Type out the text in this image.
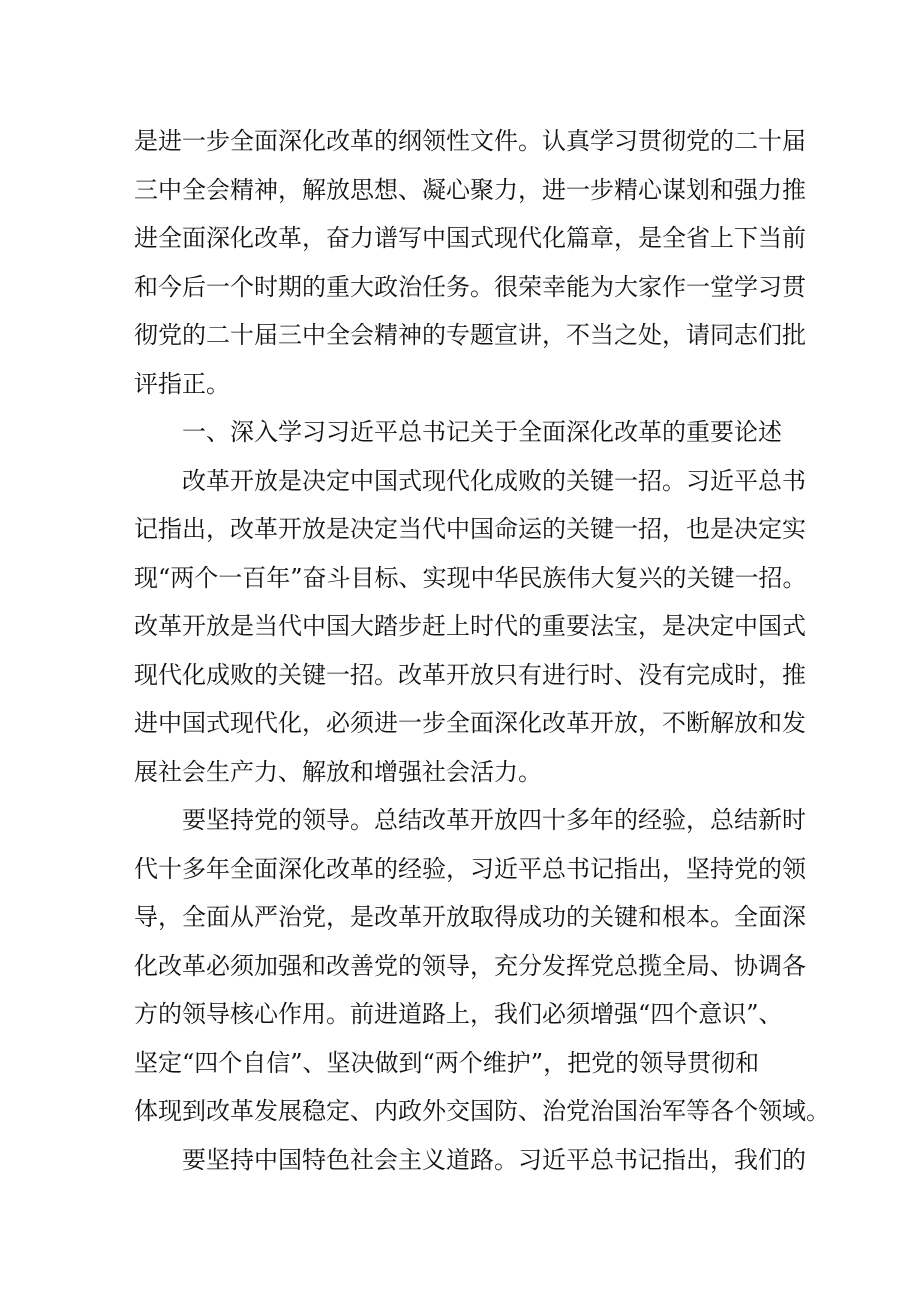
是进一步全面深化改革的纲领性文件。认真学习贯彻党的二十届
三中全会精神，解放思想、凝心聚力，进一步精心谋划和强力推
进全面深化改革，奋力谱写中国式现代化篇章，是全省上下当前
和今后一个时期的重大政治任务。很荣幸能为大家作一堂学习贯
彻党的二十届三中全会精神的专题宣讲，不当之处，请同志们批
评指正。
一、深入学习习近平总书记关于全面深化改革的重要论述
改革开放是决定中国式现代化成败的关键一招。习近平总书
记指出，改革开放是决定当代中国命运的关键一招，也是决定实
现“两个一百年”奋斗目标、实现中华民族伟大复兴的关键一招。
改革开放是当代中国大踏步赶上时代的重要法宝，是决定中国式
现代化成败的关键一招。改革开放只有进行时、没有完成时，推
进中国式现代化，必须进一步全面深化改革开放，不断解放和发
展社会生产力、解放和增强社会活力。
要坚持党的领导。总结改革开放四十多年的经验，总结新时
代十多年全面深化改革的经验，习近平总书记指出，坚持党的领
导，全面从严治党，是改革开放取得成功的关键和根本。全面深
化改革必须加强和改善党的领导，充分发挥党总揽全局、协调各
方的领导核心作用。前进道路上，我们必须增强“四个意识”、
坚定“四个自信”、坚决做到“两个维护”，把党的领导贯彻和
体现到改革发展稳定、内政外交国防、治党治国治军等各个领域。
要坚持中国特色社会主义道路。习近平总书记指出，我们的
